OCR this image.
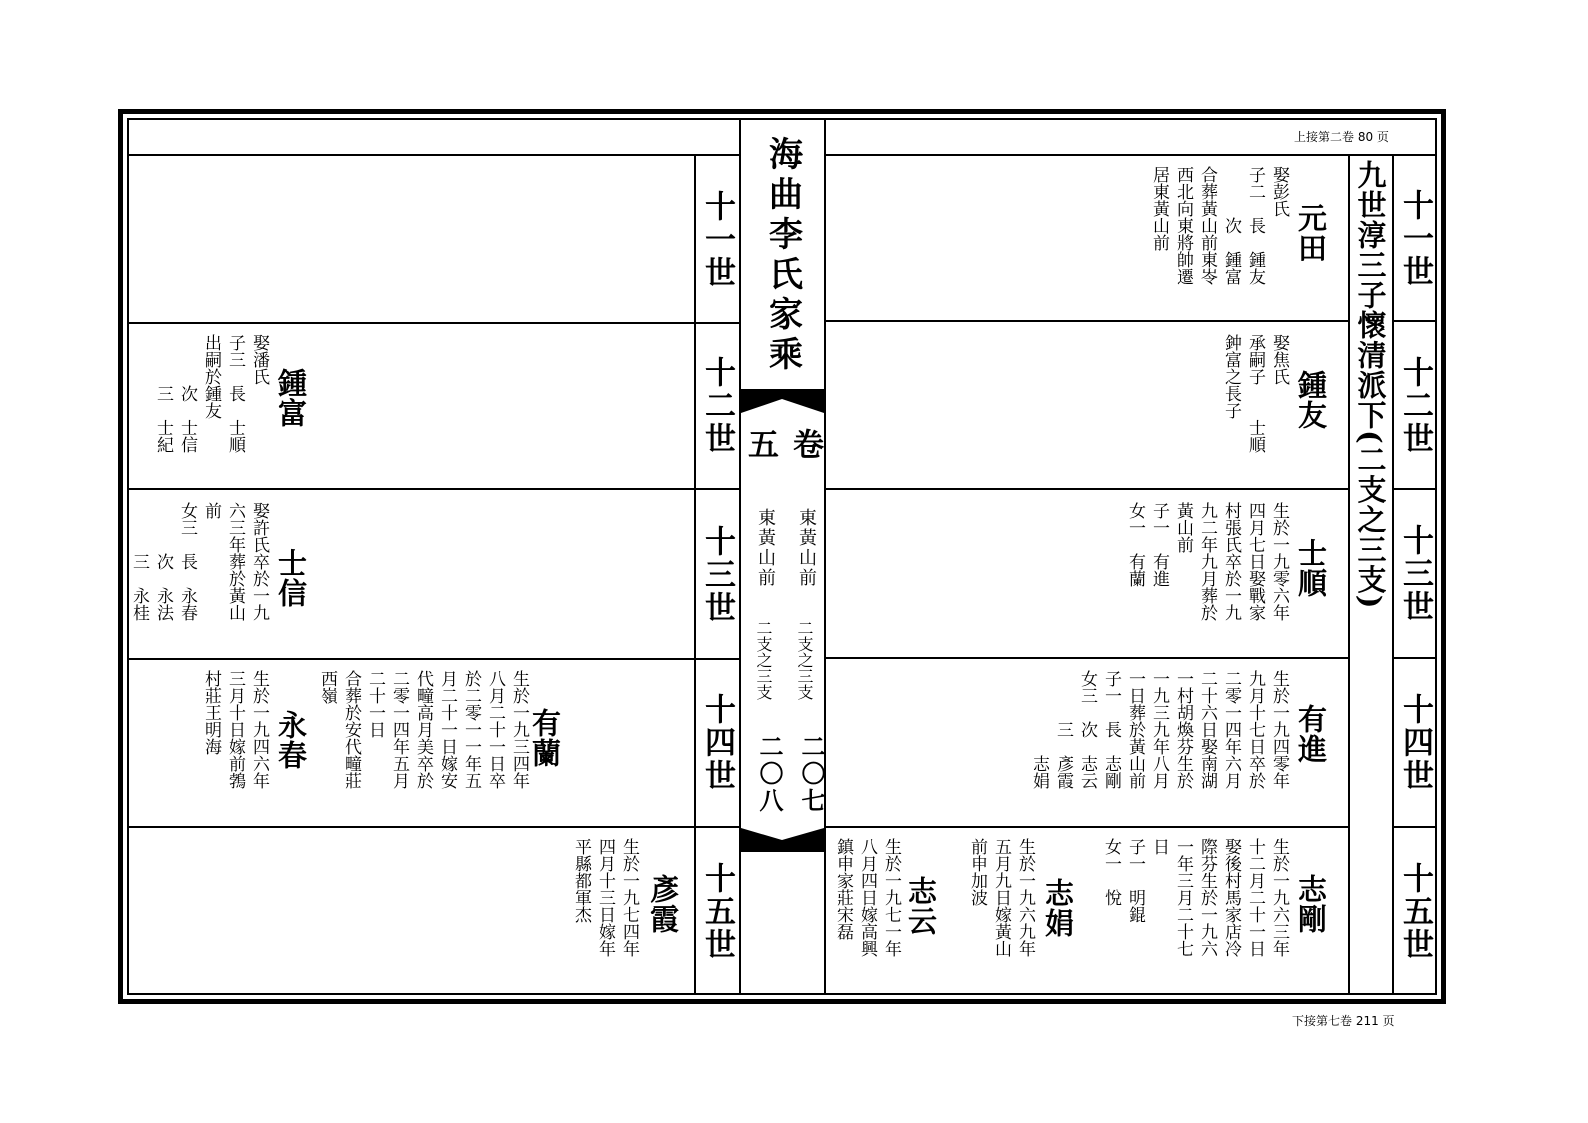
上接第二卷 80 页
下接第七卷 211 页
海曲李氏家乘
卷五
東黃山前
二支之三支
二〇七
東黃山前
二支之三支
二〇八
九世淳三子懷清派下(二支之三支) 十一世
十二世
十三世
十四世
十五世
十一世
十二世
十三世
十四世
十五世
元田
娶彭氏
子二　長　鍾友
　　　次　鍾富
合葬黃山前東岺
西北向東將帥遷
居東黃山前
鍾友
娶焦氏
承嗣子　　士順
鈡富之長子
士順
生於一九零六年
四月七日娶戰家
村張氏卒於一九
九二年九月葬於
黃山前
子一　有進
女一　有蘭
有進
生於一九四零年
九月十七日卒於
二零一四年六月
二十六日娶南湖
一村胡煥芬生於
一九三九年八月
一日葬於黃山前
子一　長　志剛
女三　次　志云
　　　三　彥霞
　　　　　志娟
志剛
生於一九六三年
十二月二十一日
娶後村馬家店冷
際芬生於一九六
一年三月二十七
日
子一　明錕
女一　悅
志娟
生於一九六九年
五月九日嫁黃山
前申加波
志云
生於一九七一年
八月四日嫁高興
鎮申家莊宋磊
鍾富
娶潘氏
子三　長　士順
出嗣於鍾友
　　　次　士信
　　　三　士紀
士信
娶許氏卒於一九
六三年葬於黃山
前
女三　長　永春
　　　次　永法
　　　三　永桂
有蘭
生於一九三四年
八月二十一日卒
於二零一一年五
月二十一日嫁安
代疃高月美卒於
二零一四年五月
二十一日
合葬於安代疃莊
西嶺
永春
生於一九四六年
三月十日嫁前鵓
村莊王明海
彥霞
生於一九七四年
四月十三日嫁年
平縣都軍杰
